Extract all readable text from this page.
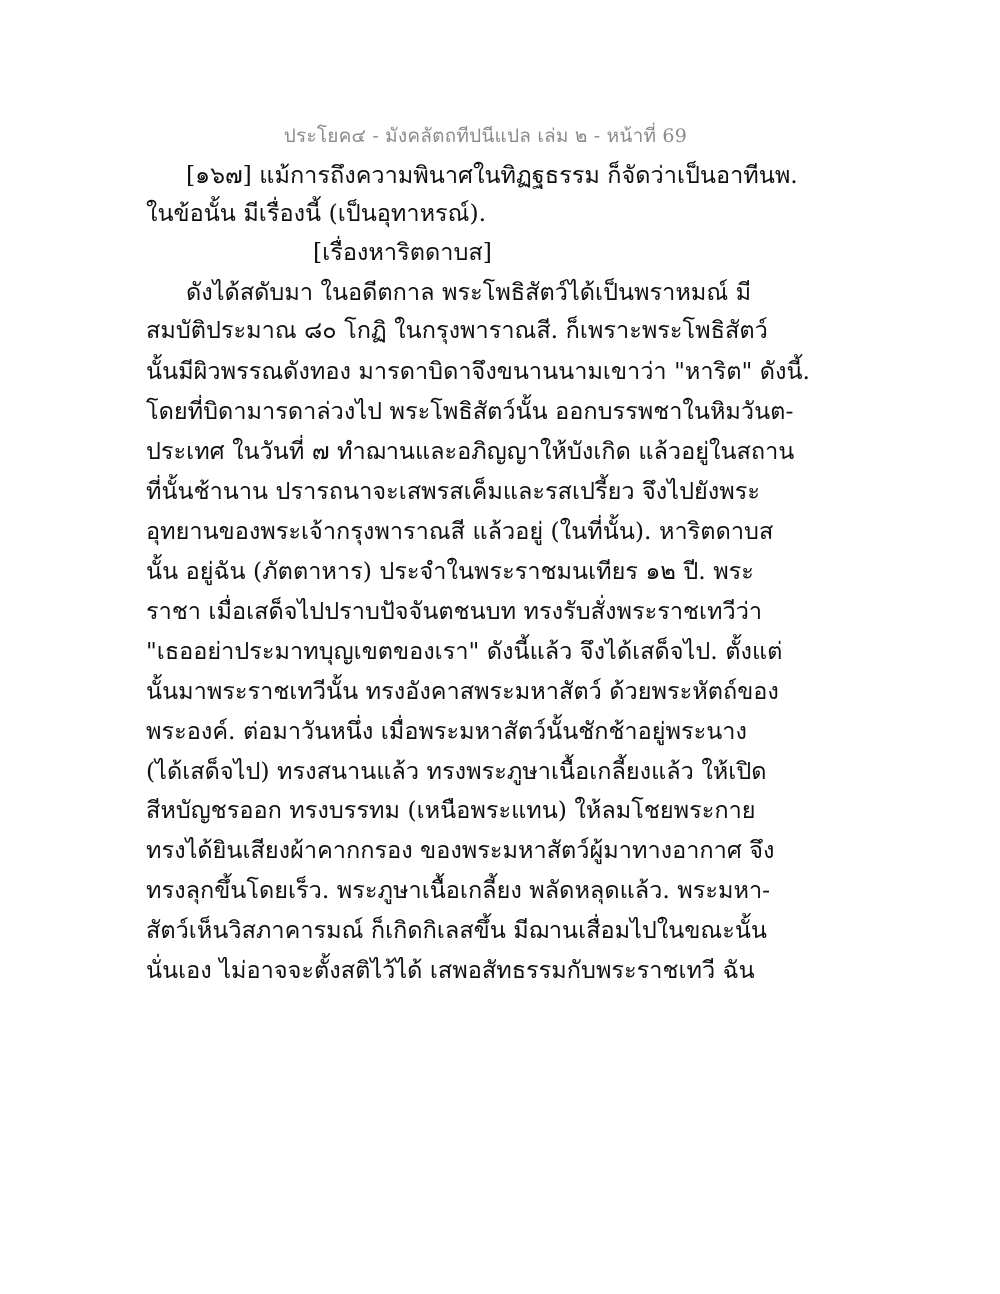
ประโยค๔ - มังคลัตถทีปนีแปล เล่ม ๒ - หน้าที่ 69
[๑๖๗] แม้การถึงความพินาศในทิฏฐธรรม ก็จัดว่าเป็นอาทีนพ.
ในข้อนั้น มีเรื่องนี้ (เป็นอุทาหรณ์).
[เรื่องหาริตดาบส]
ดังได้สดับมา ในอดีตกาล พระโพธิสัตว์ได้เป็นพราหมณ์ มี
สมบัติประมาณ ๘๐ โกฏิ ในกรุงพาราณสี. ก็เพราะพระโพธิสัตว์
นั้นมีผิวพรรณดังทอง มารดาบิดาจึงขนานนามเขาว่า "หาริต" ดังนี้.
โดยที่บิดามารดาล่วงไป พระโพธิสัตว์นั้น ออกบรรพชาในหิมวันต-
ประเทศ ในวันที่ ๗ ทำฌานและอภิญญาให้บังเกิด แล้วอยู่ในสถาน
ที่นั้นช้านาน ปรารถนาจะเสพรสเค็มและรสเปรี้ยว จึงไปยังพระ
อุทยานของพระเจ้ากรุงพาราณสี แล้วอยู่ (ในที่นั้น). หาริตดาบส
นั้น อยู่ฉัน (ภัตตาหาร) ประจำในพระราชมนเทียร ๑๒ ปี. พระ
ราชา เมื่อเสด็จไปปราบปัจจันตชนบท ทรงรับสั่งพระราชเทวีว่า
"เธออย่าประมาทบุญเขตของเรา" ดังนี้แล้ว จึงได้เสด็จไป. ตั้งแต่
นั้นมาพระราชเทวีนั้น ทรงอังคาสพระมหาสัตว์ ด้วยพระหัตถ์ของ
พระองค์. ต่อมาวันหนึ่ง เมื่อพระมหาสัตว์นั้นชักช้าอยู่พระนาง
(ได้เสด็จไป) ทรงสนานแล้ว ทรงพระภูษาเนื้อเกลี้ยงแล้ว ให้เปิด
สีหบัญชรออก ทรงบรรทม (เหนือพระแทน) ให้ลมโชยพระกาย
ทรงได้ยินเสียงผ้าคากกรอง ของพระมหาสัตว์ผู้มาทางอากาศ จึง
ทรงลุกขึ้นโดยเร็ว. พระภูษาเนื้อเกลี้ยง พลัดหลุดแล้ว. พระมหา-
สัตว์เห็นวิสภาคารมณ์ ก็เกิดกิเลสขึ้น มีฌานเสื่อมไปในขณะนั้น
นั่นเอง ไม่อาจจะตั้งสติไว้ได้ เสพอสัทธรรมกับพระราชเทวี ฉัน
